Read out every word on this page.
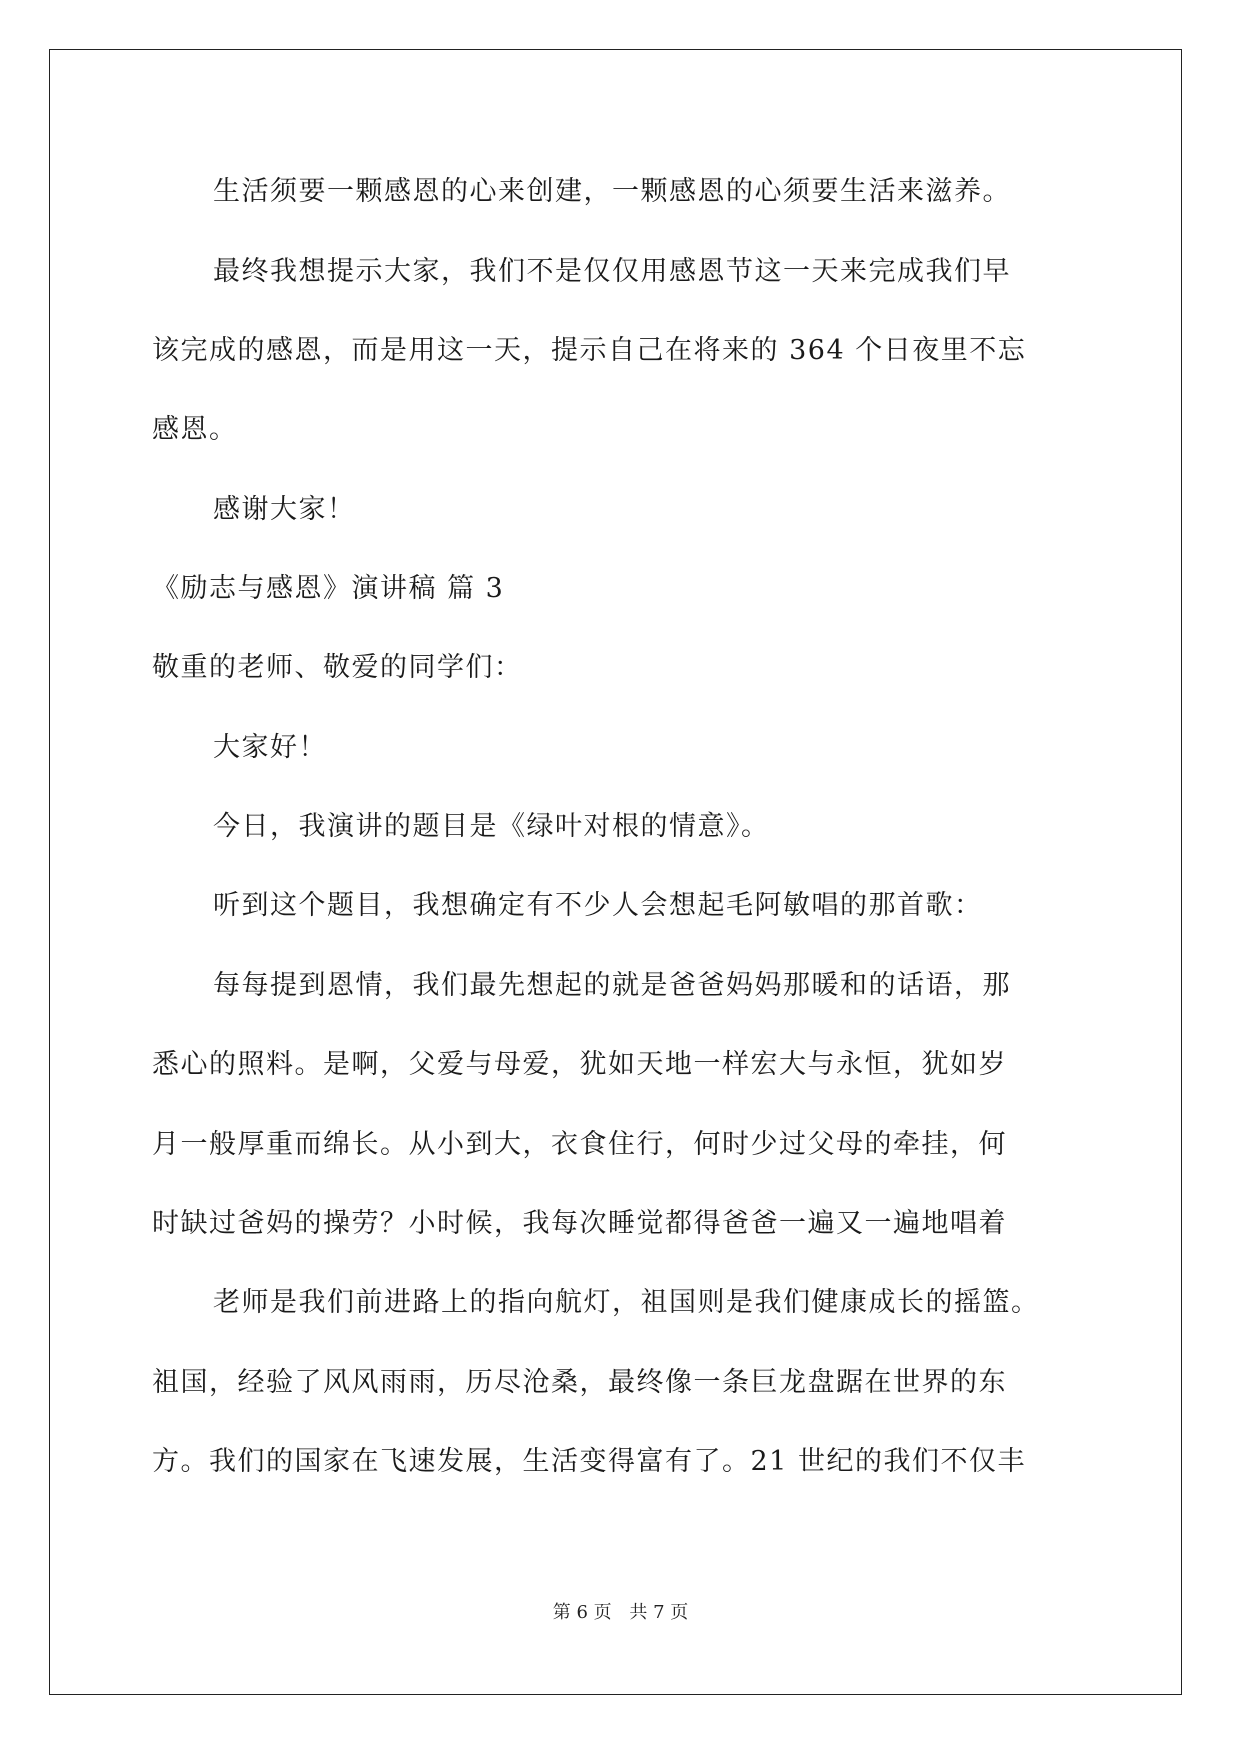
生活须要一颗感恩的心来创建，一颗感恩的心须要生活来滋养。
最终我想提示大家，我们不是仅仅用感恩节这一天来完成我们早
该完成的感恩，而是用这一天，提示自己在将来的 364 个日夜里不忘
感恩。
感谢大家！
《励志与感恩》演讲稿 篇 3
敬重的老师、敬爱的同学们：
大家好！
今日，我演讲的题目是《绿叶对根的情意》。
听到这个题目，我想确定有不少人会想起毛阿敏唱的那首歌：
每每提到恩情，我们最先想起的就是爸爸妈妈那暖和的话语，那
悉心的照料。是啊，父爱与母爱，犹如天地一样宏大与永恒，犹如岁
月一般厚重而绵长。从小到大，衣食住行，何时少过父母的牵挂，何
时缺过爸妈的操劳？小时候，我每次睡觉都得爸爸一遍又一遍地唱着
老师是我们前进路上的指向航灯，祖国则是我们健康成长的摇篮。
祖国，经验了风风雨雨，历尽沧桑，最终像一条巨龙盘踞在世界的东
方。我们的国家在飞速发展，生活变得富有了。21 世纪的我们不仅丰
第 6 页 共 7 页
